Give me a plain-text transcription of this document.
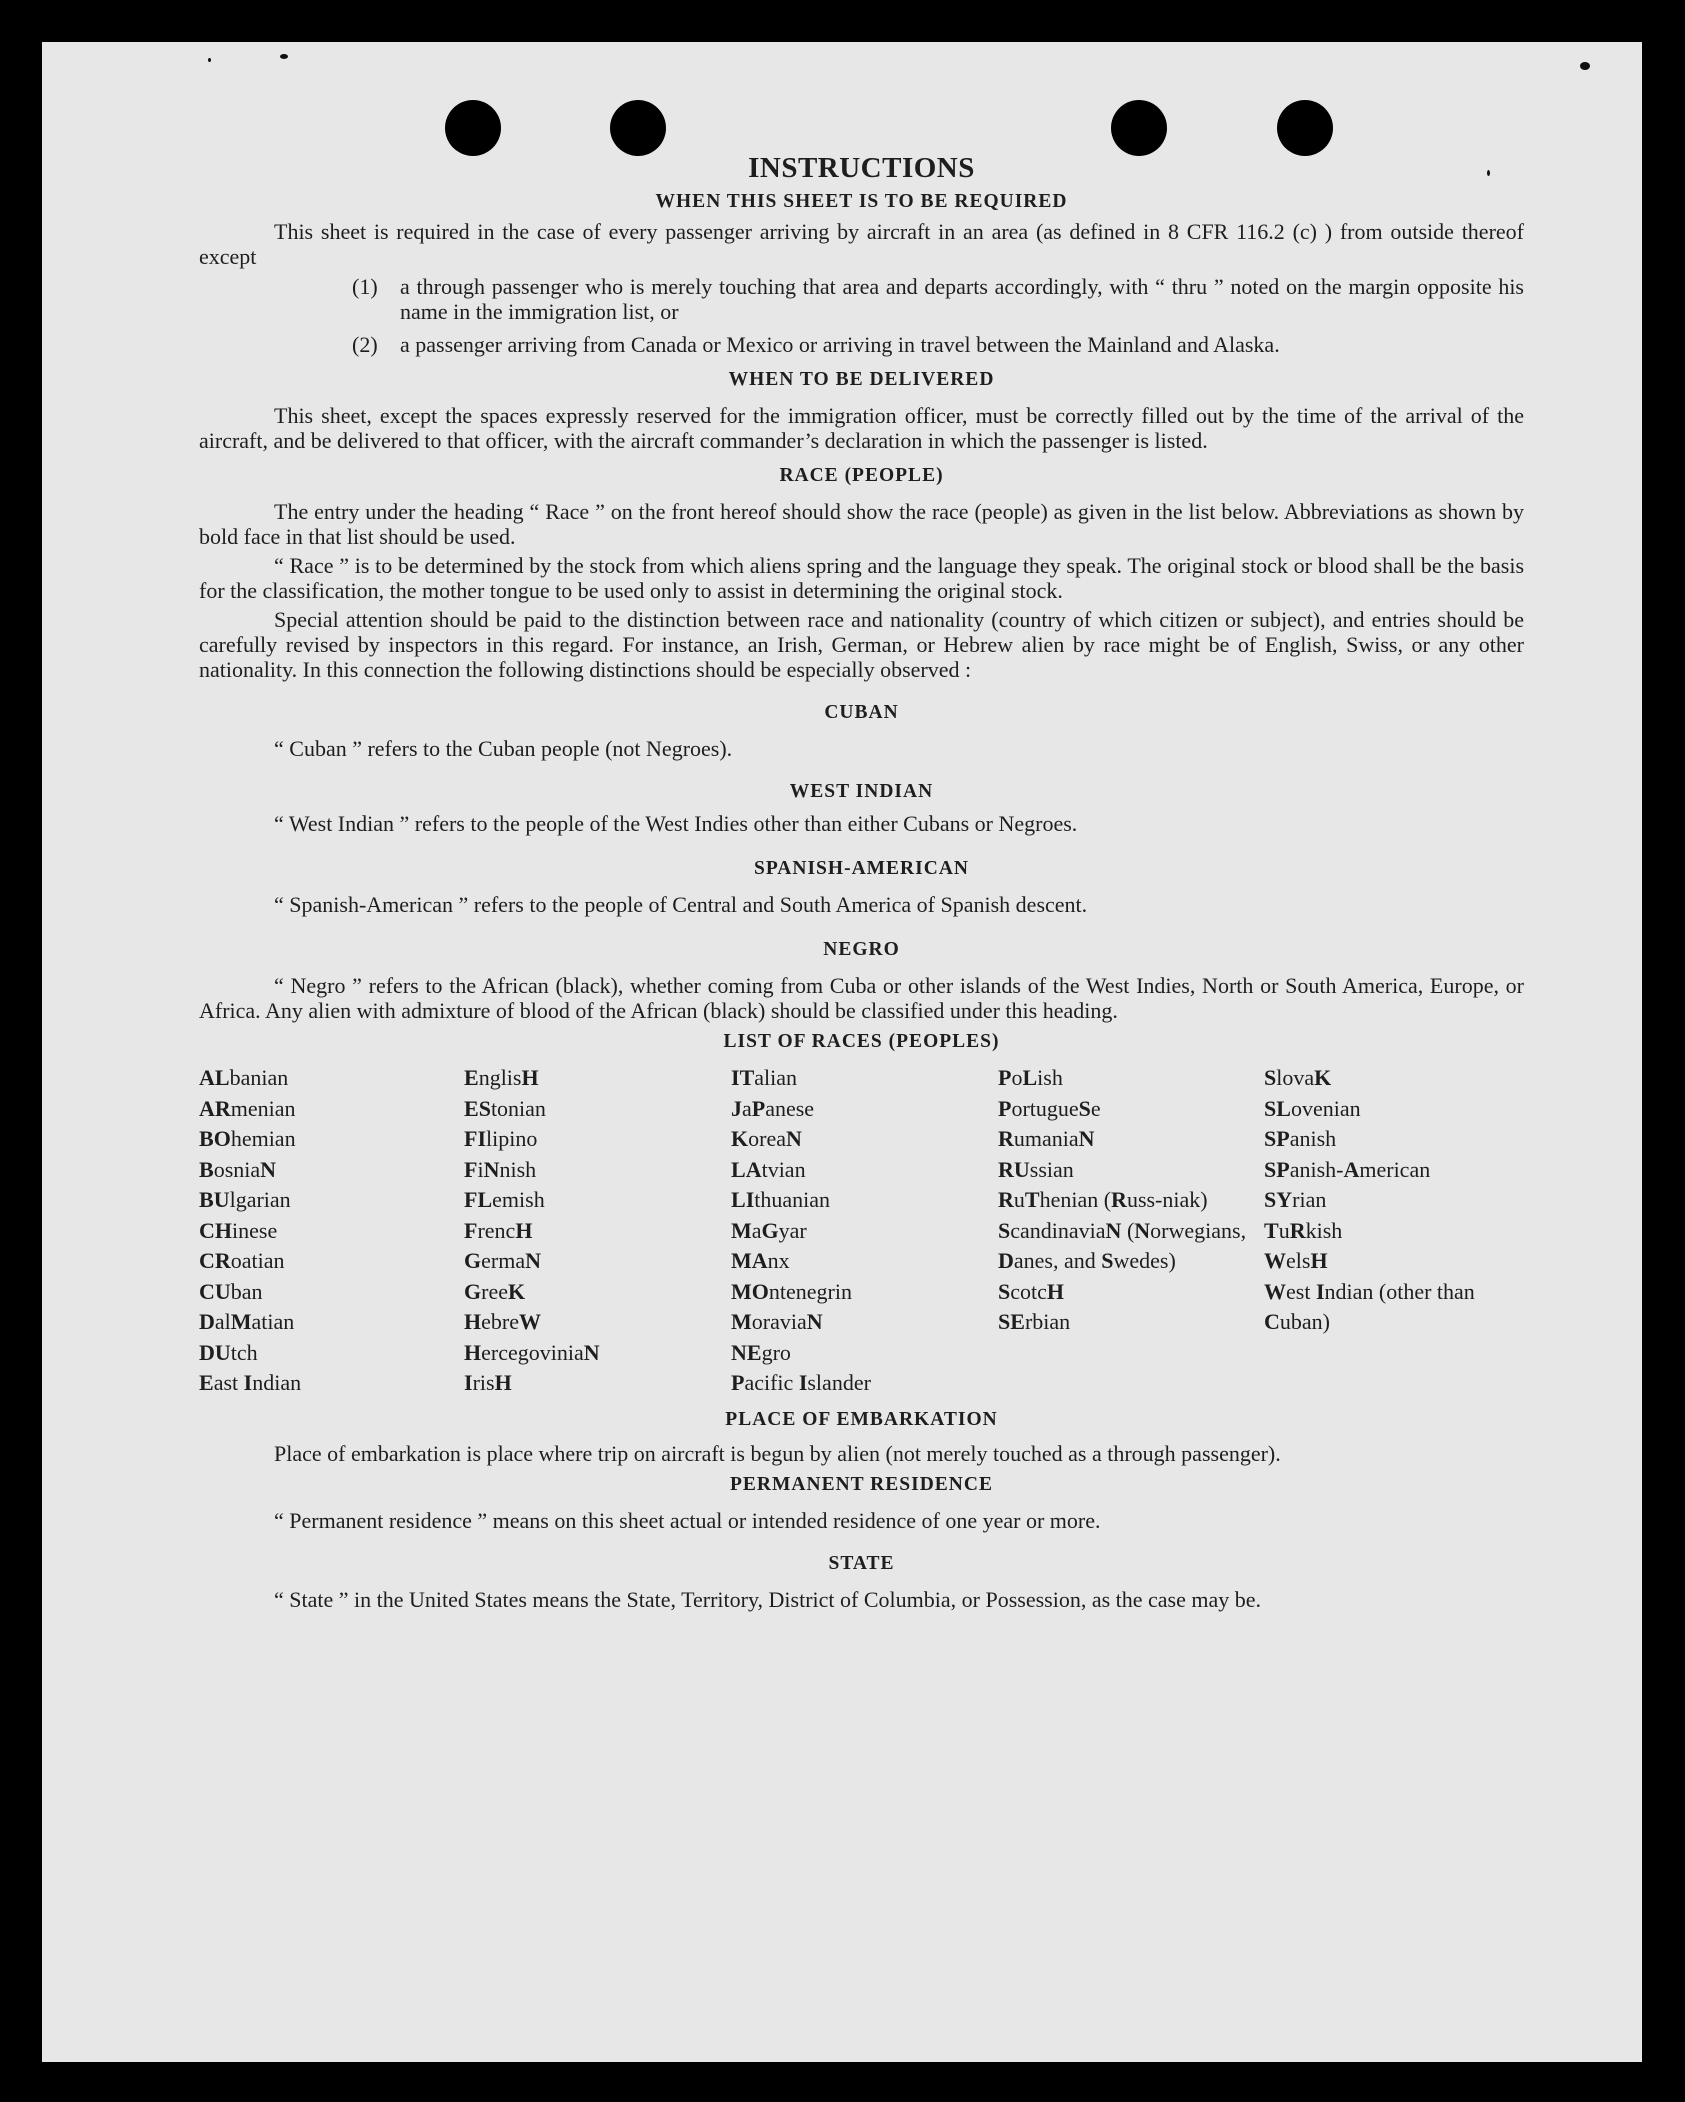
INSTRUCTIONS
WHEN THIS SHEET IS TO BE REQUIRED

This sheet is required in the case of every passenger arriving by aircraft in an area (as defined in 8 CFR 116.2 (c) ) from outside thereof except

(1)	a through passenger who is merely touching that area and departs accordingly, with “ thru ” noted on the margin opposite his name in the immigration list, or
(2)	a passenger arriving from Canada or Mexico or arriving in travel between the Mainland and Alaska.
WHEN TO BE DELIVERED

This sheet, except the spaces expressly reserved for the immigration officer, must be correctly filled out by the time of the arrival of the aircraft, and be delivered to that officer, with the aircraft commander’s declaration in which the passenger is listed.

RACE (PEOPLE)

The entry under the heading “ Race ” on the front hereof should show the race (people) as given in the list below. Abbreviations as shown by bold face in that list should be used.

“ Race ” is to be determined by the stock from which aliens spring and the language they speak. The original stock or blood shall be the basis for the classification, the mother tongue to be used only to assist in determining the original stock.

Special attention should be paid to the distinction between race and nationality (country of which citizen or subject), and entries should be carefully revised by inspectors in this regard. For instance, an Irish, German, or Hebrew alien by race might be of English, Swiss, or any other nationality. In this connection the following distinctions should be especially observed :

CUBAN

“ Cuban ” refers to the Cuban people (not Negroes).

WEST INDIAN

“ West Indian ” refers to the people of the West Indies other than either Cubans or Negroes.

SPANISH-AMERICAN

“ Spanish-American ” refers to the people of Central and South America of Spanish descent.

NEGRO

“ Negro ” refers to the African (black), whether coming from Cuba or other islands of the West Indies, North or South America, Europe, or Africa. Any alien with admixture of blood of the African (black) should be classified under this heading.

LIST OF RACES (PEOPLES)
ALbanian
ARmenian
BOhemian
BosniaN
BUlgarian
CHinese
CRoatian
CUban
DalMatian
DUtch
East Indian
EnglisH
EStonian
FIlipino
FiNnish
FLemish
FrencH
GermaN
GreeK
HebreW
HercegoviniaN
IrisH
ITalian
JaPanese
KoreaN
LAtvian
LIthuanian
MaGyar
MAnx
MOntenegrin
MoraviaN
NEgro
Pacific Islander
PoLish
PortugueSe
RumaniaN
RUssian
RuThenian (Russ-niak)
ScandinaviaN (Norwegians, Danes, and Swedes)
ScotcH
SErbian
SlovaK
SLovenian
SPanish
SPanish-American
SYrian
TuRkish
WelsH
West Indian (other than Cuban)
PLACE OF EMBARKATION

Place of embarkation is place where trip on aircraft is begun by alien (not merely touched as a through passenger).

PERMANENT RESIDENCE

“ Permanent residence ” means on this sheet actual or intended residence of one year or more.

STATE

“ State ” in the United States means the State, Territory, District of Columbia, or Possession, as the case may be.
